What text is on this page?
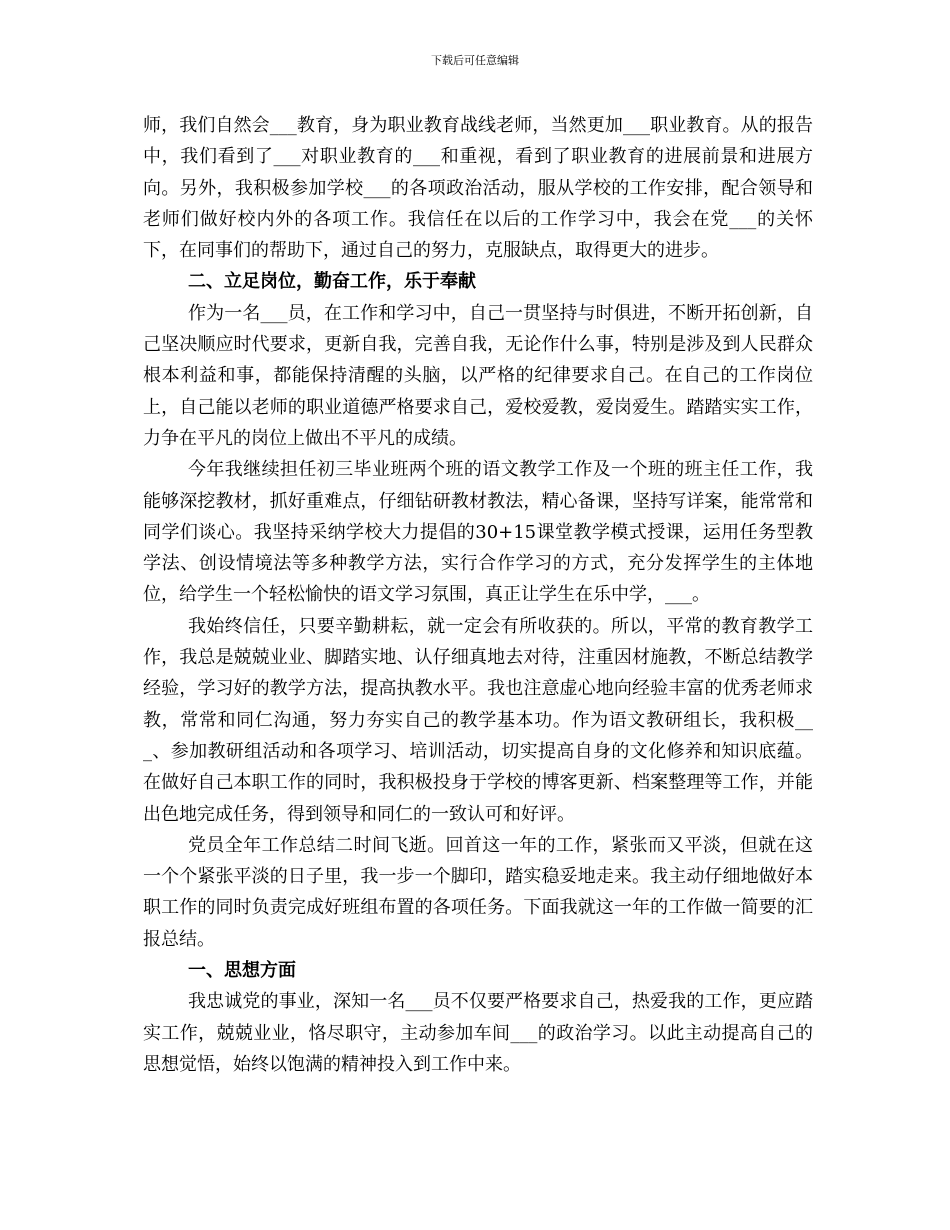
下载后可任意编辑

师，我们自然会___教育，身为职业教育战线老师，当然更加___职业教育。从的报告中，我们看到了___对职业教育的___和重视，看到了职业教育的进展前景和进展方向。另外，我积极参加学校___的各项政治活动，服从学校的工作安排，配合领导和老师们做好校内外的各项工作。我信任在以后的工作学习中，我会在党___的关怀下，在同事们的帮助下，通过自己的努力，克服缺点，取得更大的进步。

二、立足岗位，勤奋工作，乐于奉献

作为一名___员，在工作和学习中，自己一贯坚持与时俱进，不断开拓创新，自己坚决顺应时代要求，更新自我，完善自我，无论作什么事，特别是涉及到人民群众根本利益和事，都能保持清醒的头脑，以严格的纪律要求自己。在自己的工作岗位上，自己能以老师的职业道德严格要求自己，爱校爱教，爱岗爱生。踏踏实实工作，力争在平凡的岗位上做出不平凡的成绩。

今年我继续担任初三毕业班两个班的语文教学工作及一个班的班主任工作，我能够深挖教材，抓好重难点，仔细钻研教材教法，精心备课，坚持写详案，能常常和同学们谈心。我坚持采纳学校大力提倡的30+15课堂教学模式授课，运用任务型教学法、创设情境法等多种教学方法，实行合作学习的方式，充分发挥学生的主体地位，给学生一个轻松愉快的语文学习氛围，真正让学生在乐中学，___。

我始终信任，只要辛勤耕耘，就一定会有所收获的。所以，平常的教育教学工作，我总是兢兢业业、脚踏实地、认仔细真地去对待，注重因材施教，不断总结教学经验，学习好的教学方法，提高执教水平。我也注意虚心地向经验丰富的优秀老师求教，常常和同仁沟通，努力夯实自己的教学基本功。作为语文教研组长，我积极___、参加教研组活动和各项学习、培训活动，切实提高自身的文化修养和知识底蕴。在做好自己本职工作的同时，我积极投身于学校的博客更新、档案整理等工作，并能出色地完成任务，得到领导和同仁的一致认可和好评。

党员全年工作总结二时间飞逝。回首这一年的工作，紧张而又平淡，但就在这一个个紧张平淡的日子里，我一步一个脚印，踏实稳妥地走来。我主动仔细地做好本职工作的同时负责完成好班组布置的各项任务。下面我就这一年的工作做一简要的汇报总结。

一、思想方面

我忠诚党的事业，深知一名___员不仅要严格要求自己，热爱我的工作，更应踏实工作，兢兢业业，恪尽职守，主动参加车间___的政治学习。以此主动提高自己的思想觉悟，始终以饱满的精神投入到工作中来。
